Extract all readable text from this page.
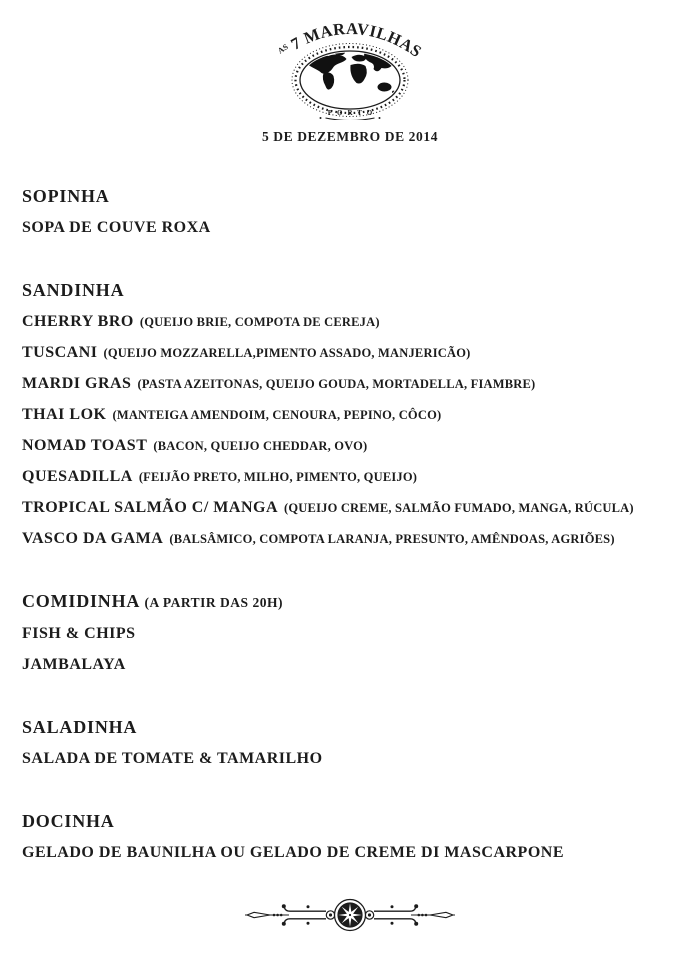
$^{AS}$ 7 MARAVILHAS
PORTO
5 DE DEZEMBRO DE 2014
SOPINHA

SOPA DE COUVE ROXA

SANDINHA

CHERRY BRO (QUEIJO BRIE, COMPOTA DE CEREJA)

TUSCANI (QUEIJO MOZZARELLA,PIMENTO ASSADO, MANJERICÃO)

MARDI GRAS (PASTA AZEITONAS, QUEIJO GOUDA, MORTADELLA, FIAMBRE)

THAI LOK (MANTEIGA AMENDOIM, CENOURA, PEPINO, CÔCO)

NOMAD TOAST (BACON, QUEIJO CHEDDAR, OVO)

QUESADILLA (FEIJÃO PRETO, MILHO, PIMENTO, QUEIJO)

TROPICAL SALMÃO C/ MANGA (QUEIJO CREME, SALMÃO FUMADO, MANGA, RÚCULA)

VASCO DA GAMA (BALSÂMICO, COMPOTA LARANJA, PRESUNTO, AMÊNDOAS, AGRIÕES)

COMIDINHA (A PARTIR DAS 20H)

FISH & CHIPS

JAMBALAYA

SALADINHA

SALADA DE TOMATE & TAMARILHO

DOCINHA

GELADO DE BAUNILHA OU GELADO DE CREME DI MASCARPONE
